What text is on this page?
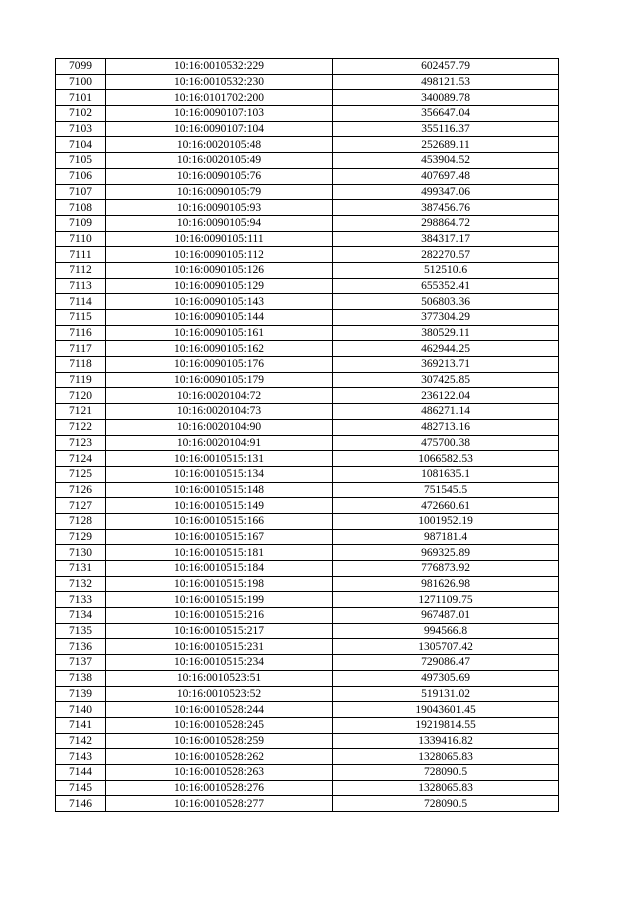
7099	10:16:0010532:229	602457.79
7100	10:16:0010532:230	498121.53
7101	10:16:0101702:200	340089.78
7102	10:16:0090107:103	356647.04
7103	10:16:0090107:104	355116.37
7104	10:16:0020105:48	252689.11
7105	10:16:0020105:49	453904.52
7106	10:16:0090105:76	407697.48
7107	10:16:0090105:79	499347.06
7108	10:16:0090105:93	387456.76
7109	10:16:0090105:94	298864.72
7110	10:16:0090105:111	384317.17
7111	10:16:0090105:112	282270.57
7112	10:16:0090105:126	512510.6
7113	10:16:0090105:129	655352.41
7114	10:16:0090105:143	506803.36
7115	10:16:0090105:144	377304.29
7116	10:16:0090105:161	380529.11
7117	10:16:0090105:162	462944.25
7118	10:16:0090105:176	369213.71
7119	10:16:0090105:179	307425.85
7120	10:16:0020104:72	236122.04
7121	10:16:0020104:73	486271.14
7122	10:16:0020104:90	482713.16
7123	10:16:0020104:91	475700.38
7124	10:16:0010515:131	1066582.53
7125	10:16:0010515:134	1081635.1
7126	10:16:0010515:148	751545.5
7127	10:16:0010515:149	472660.61
7128	10:16:0010515:166	1001952.19
7129	10:16:0010515:167	987181.4
7130	10:16:0010515:181	969325.89
7131	10:16:0010515:184	776873.92
7132	10:16:0010515:198	981626.98
7133	10:16:0010515:199	1271109.75
7134	10:16:0010515:216	967487.01
7135	10:16:0010515:217	994566.8
7136	10:16:0010515:231	1305707.42
7137	10:16:0010515:234	729086.47
7138	10:16:0010523:51	497305.69
7139	10:16:0010523:52	519131.02
7140	10:16:0010528:244	19043601.45
7141	10:16:0010528:245	19219814.55
7142	10:16:0010528:259	1339416.82
7143	10:16:0010528:262	1328065.83
7144	10:16:0010528:263	728090.5
7145	10:16:0010528:276	1328065.83
7146	10:16:0010528:277	728090.5
